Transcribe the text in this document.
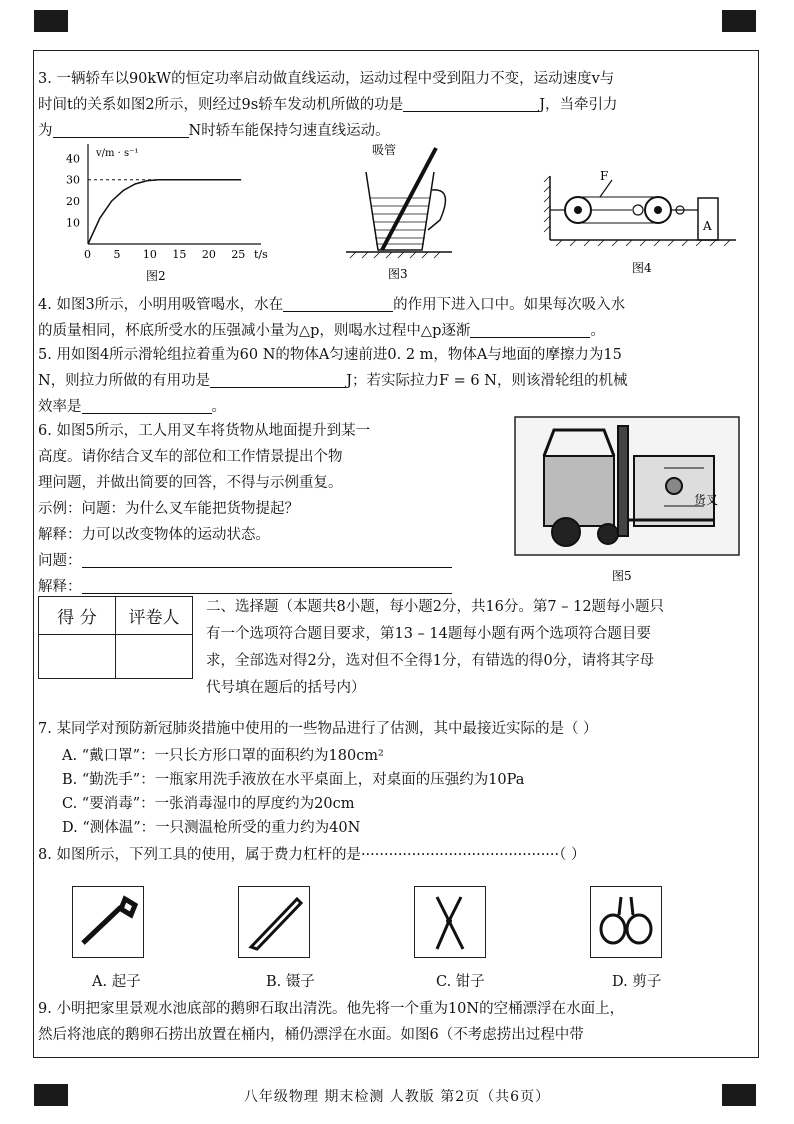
3. 一辆轿车以90kW的恒定功率启动做直线运动，运动过程中受到阻力不变，运动速度v与

时间t的关系如图2所示，则经过9s轿车发动机所做的功是	J，当牵引力

为	N时轿车能保持匀速直线运动。

0 5 10 15 20 25
10
20
30
40 v/m · s⁻¹
t/s
图2
吸管
图3
F
A
图4

4. 如图3所示，小明用吸管喝水，水在	的作用下进入口中。如果每次吸入水

的质量相同，杯底所受水的压强减小量为△p，则喝水过程中△p逐渐	。

5. 用如图4所示滑轮组拉着重为60 N的物体A匀速前进0. 2 m，物体A与地面的摩擦力为15

N，则拉力所做的有用功是	J；若实际拉力F = 6 N，则该滑轮组的机械

效率是	。

6. 如图5所示，工人用叉车将货物从地面提升到某一

高度。请你结合叉车的部位和工作情景提出个物

理问题，并做出简要的回答，不得与示例重复。

示例：问题：为什么叉车能把货物提起？

解释：力可以改变物体的运动状态。

问题：

解释：

货叉
图5
得 分	评卷人

二、选择题（本题共8小题，每小题2分，共16分。第7 – 12题每小题只

有一个选项符合题目要求，第13 – 14题每小题有两个选项符合题目要

求，全部选对得2分，选对但不全得1分，有错选的得0分，请将其字母

代号填在题后的括号内）

7. 某同学对预防新冠肺炎措施中使用的一些物品进行了估测，其中最接近实际的是（ ）

A. “戴口罩”：一只长方形口罩的面积约为180cm²

B. “勤洗手”：一瓶家用洗手液放在水平桌面上，对桌面的压强约为10Pa

C. “要消毒”：一张消毒湿巾的厚度约为20cm

D. “测体温”：一只测温枪所受的重力约为40N

8. 如图所示，下列工具的使用，属于费力杠杆的是···········································（ ）

A. 起子	B. 镊子	C. 钳子	D. 剪子

9. 小明把家里景观水池底部的鹅卵石取出清洗。他先将一个重为10N的空桶漂浮在水面上，

然后将池底的鹅卵石捞出放置在桶内，桶仍漂浮在水面。如图6（不考虑捞出过程中带

八年级物理 期末检测 人教版 第2页（共6页）
